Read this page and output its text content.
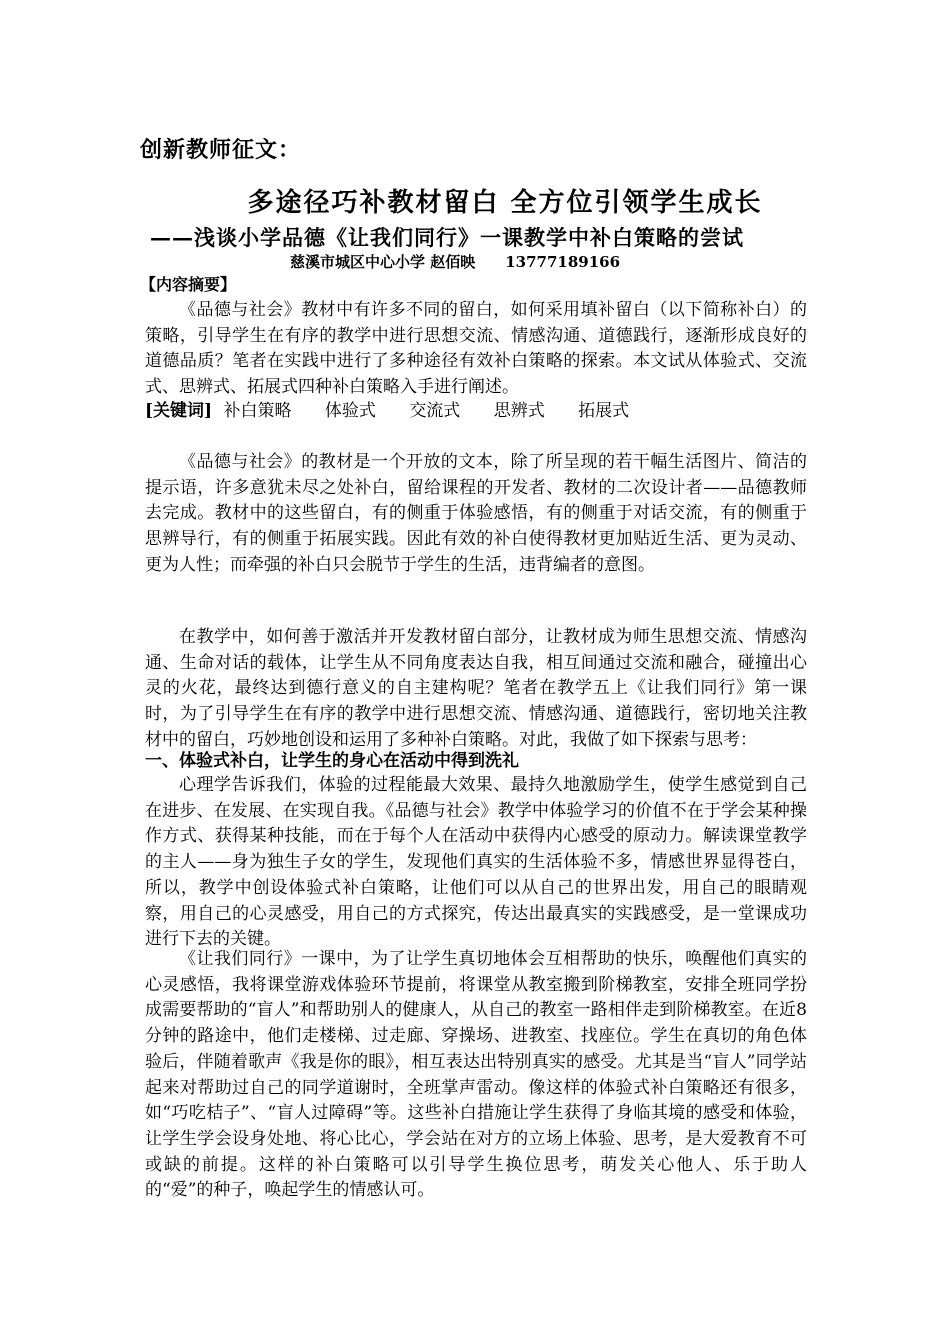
创新教师征文：
多途径巧补教材留白 全方位引领学生成长
——浅谈小学品德《让我们同行》一课教学中补白策略的尝试
慈溪市城区中心小学 赵佰映 13777189166
【内容摘要】

《品德与社会》教材中有许多不同的留白，如何采用填补留白（以下简称补白）的策略，引导学生在有序的教学中进行思想交流、情感沟通、道德践行，逐渐形成良好的道德品质？笔者在实践中进行了多种途径有效补白策略的探索。本文试从体验式、交流式、思辨式、拓展式四种补白策略入手进行阐述。

[关键词] 补白策略 体验式 交流式 思辨式 拓展式

《品德与社会》的教材是一个开放的文本，除了所呈现的若干幅生活图片、简洁的提示语，许多意犹未尽之处补白，留给课程的开发者、教材的二次设计者——品德教师去完成。教材中的这些留白，有的侧重于体验感悟，有的侧重于对话交流，有的侧重于思辨导行，有的侧重于拓展实践。因此有效的补白使得教材更加贴近生活、更为灵动、更为人性；而牵强的补白只会脱节于学生的生活，违背编者的意图。

在教学中，如何善于激活并开发教材留白部分，让教材成为师生思想交流、情感沟通、生命对话的载体，让学生从不同角度表达自我，相互间通过交流和融合，碰撞出心灵的火花，最终达到德行意义的自主建构呢？笔者在教学五上《让我们同行》第一课时，为了引导学生在有序的教学中进行思想交流、情感沟通、道德践行，密切地关注教材中的留白，巧妙地创设和运用了多种补白策略。对此，我做了如下探索与思考：

一、体验式补白，让学生的身心在活动中得到洗礼

心理学告诉我们，体验的过程能最大效果、最持久地激励学生，使学生感觉到自己在进步、在发展、在实现自我。《品德与社会》教学中体验学习的价值不在于学会某种操作方式、获得某种技能，而在于每个人在活动中获得内心感受的原动力。解读课堂教学的主人——身为独生子女的学生，发现他们真实的生活体验不多，情感世界显得苍白，所以，教学中创设体验式补白策略，让他们可以从自己的世界出发，用自己的眼睛观察，用自己的心灵感受，用自己的方式探究，传达出最真实的实践感受，是一堂课成功进行下去的关键。

《让我们同行》一课中，为了让学生真切地体会互相帮助的快乐，唤醒他们真实的心灵感悟，我将课堂游戏体验环节提前，将课堂从教室搬到阶梯教室，安排全班同学扮成需要帮助的“盲人”和帮助别人的健康人，从自己的教室一路相伴走到阶梯教室。在近8分钟的路途中，他们走楼梯、过走廊、穿操场、进教室、找座位。学生在真切的角色体验后，伴随着歌声《我是你的眼》，相互表达出特别真实的感受。尤其是当“盲人”同学站起来对帮助过自己的同学道谢时，全班掌声雷动。像这样的体验式补白策略还有很多，如“巧吃桔子”、“盲人过障碍”等。这些补白措施让学生获得了身临其境的感受和体验，让学生学会设身处地、将心比心，学会站在对方的立场上体验、思考，是大爱教育不可或缺的前提。这样的补白策略可以引导学生换位思考，萌发关心他人、乐于助人的“爱”的种子，唤起学生的情感认可。
